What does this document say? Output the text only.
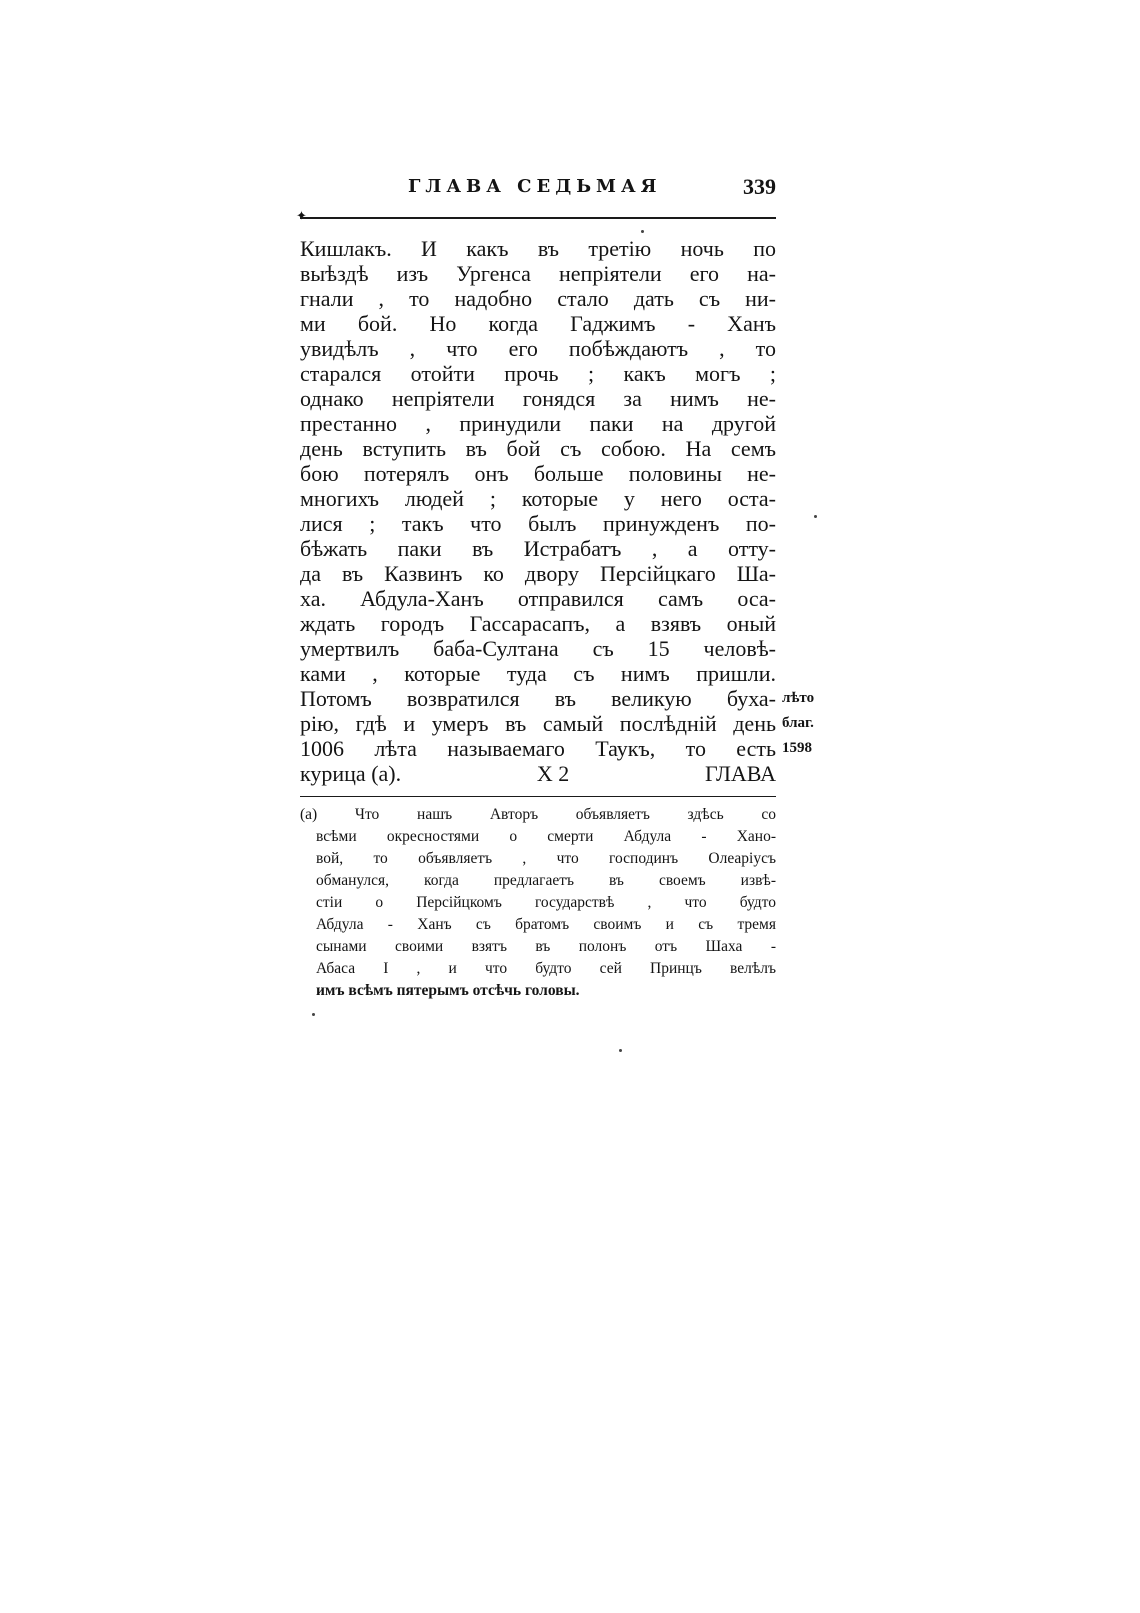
ГЛАВА СЕДЬМАЯ	339
✦
Кишлакъ. И какъ въ третiю ночь по
выѣздѣ изъ Ургенса непрiятели его на-
гнали , то надобно стало дать съ ни-
ми бой. Но когда Гаджимъ - Ханъ
увидѣлъ , что его побѣждаютъ , то
старался отойти прочь ; какъ могъ ;
однако непрiятели гонядся за нимъ не-
престанно , принудили паки на другой
день вступить въ бой съ собою. На семъ
бою потерялъ онъ больше половины не-
многихъ людей ; которые у него оста-
лися ; такъ что былъ принужденъ по-
бѣжать паки въ Истрабатъ , а отту-
да въ Казвинъ ко двору Персiйцкаго Ша-
ха. Абдула-Ханъ отправился самъ оса-
ждать городъ Гассарасапъ, а взявъ оный
умертвилъ баба-Султана съ 15 человѣ-
ками , которые туда съ нимъ пришли.
Потомъ возвратился въ великую буха-
рiю, гдѣ и умеръ въ самый послѣднiй день
1006 лѣта называемаго Таукъ, то есть
курица (а).	X 2	ГЛАВА
лѣто
благ.
1598
(а) Что нашъ Авторъ объявляетъ здѣсь со
всѣми окресностями о смерти Абдула - Хано-
вой, то объявляетъ , что господинъ Олеарiусъ
обманулся, когда предлагаетъ въ своемъ извѣ-
стiи о Персiйцкомъ государствѣ , что будто
Абдула - Ханъ съ братомъ своимъ и съ тремя
сынами своими взятъ въ полонъ отъ Шаха -
Абаса I , и что будто сей Принцъ велѣлъ
имъ всѣмъ пятерымъ отсѣчь головы.
